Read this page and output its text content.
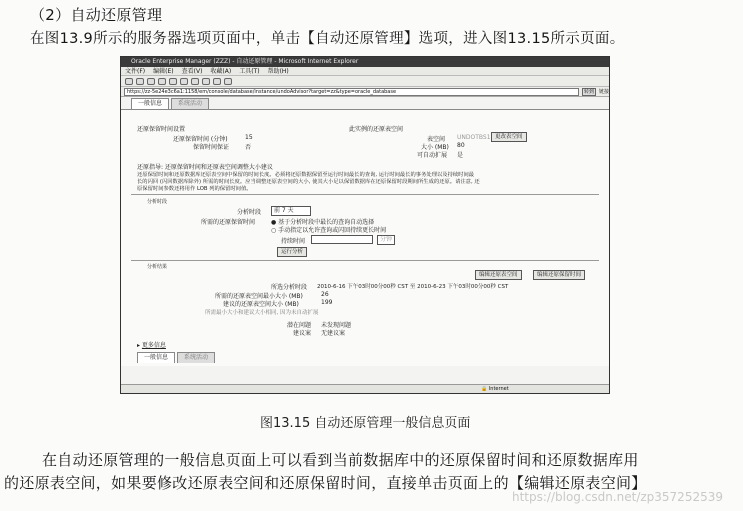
（2）自动还原管理
在图13.9所示的服务器选项页面中，单击【自动还原管理】选项，进入图13.15所示页面。
Oracle Enterprise Manager (ZZZ) - 自动还原管理 - Microsoft Internet Explorer
文件(F) 编辑(E) 查看(V) 收藏(A) 工具(T) 帮助(H)
https://zz-5e24e3c6a1:1158/em/console/database/instance/undoAdvisor?target=zz&type=oracle_database	转到	链接
一般信息	系统活动
还原保留时间设置
还原保留时间 (分钟)	15
保留时间保证	否
此实例的还原表空间
表空间 UNDOTBS1 更改表空间
大小 (MB) 80
可自动扩展 是
还原指导: 还原保留时间和还原表空间调整大小建议
还原保留时间和还原数据库还原表空间中保留的时间长度。必须将还原数据保留至运行时间最长的查询, 运行时间最长的事务处理以及持续时间最
长的闪回 (闪回数据库除外) 所需的时间长度。应当调整还原表空间的大小, 使其大小足以保留数据库在还原保留时段期间所生成的还原。请注意, 还
原保留时间参数还将用作 LOB 列的保留时间值。
分析时段
分析时段	前 7 天
所需的还原保留时间	● 基于分析时段中最长的查询自动选择
○ 手动指定以允许查询或闪回持续更长时间
持续时间	分钟
运行分析
分析结果
编辑还原表空间	编辑还原保留时间
所选分析时段 2010-6-16 下午03时00分00秒 CST 至 2010-6-23 下午03时00分00秒 CST
所需的还原表空间最小大小 (MB)	26
建议的还原表空间大小 (MB)	199
所需最小大小和建议大小相同, 因为未自动扩展
潜在问题 未发现问题
建议案 无建议案
▸ 更多信息
一般信息	系统活动
🔒 Internet
图13.15 自动还原管理一般信息页面
在自动还原管理的一般信息页面上可以看到当前数据库中的还原保留时间和还原数据库用
的还原表空间，如果要修改还原表空间和还原保留时间，直接单击页面上的【编辑还原表空间】
https://blog.csdn.net/zp357252539
